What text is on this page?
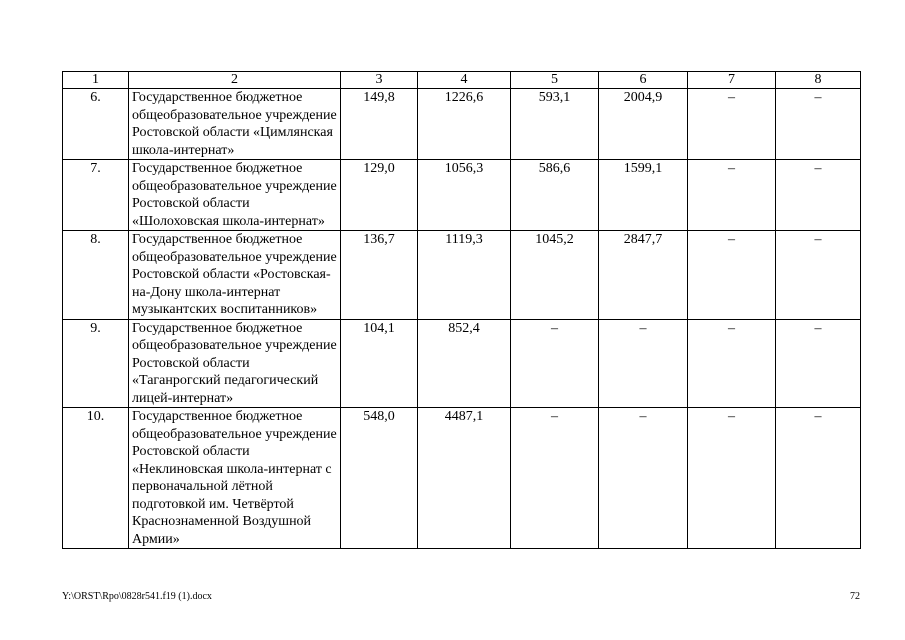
1	2	3	4	5	6	7	8
6.	Государственное бюджетное общеобразовательное учреждение Ростовской области «Цимлянская школа-интернат»	149,8	1226,6	593,1	2004,9	–	–
7.	Государственное бюджетное общеобразовательное учреждение Ростовской области «Шолоховская школа-интернат»	129,0	1056,3	586,6	1599,1	–	–
8.	Государственное бюджетное общеобразовательное учреждение Ростовской области «Ростовская-на-Дону школа-интернат музыкантских воспитанников»	136,7	1119,3	1045,2	2847,7	–	–
9.	Государственное бюджетное общеобразовательное учреждение Ростовской области «Таганрогский педагогический лицей-интернат»	104,1	852,4	–	–	–	–
10.	Государственное бюджетное общеобразовательное учреждение Ростовской области «Неклиновская школа-интернат с первоначальной лётной подготовкой им. Четвёртой Краснознаменной Воздушной Армии»	548,0	4487,1	–	–	–	–
Y:\ORST\Rpo\0828r541.f19 (1).docx	72
